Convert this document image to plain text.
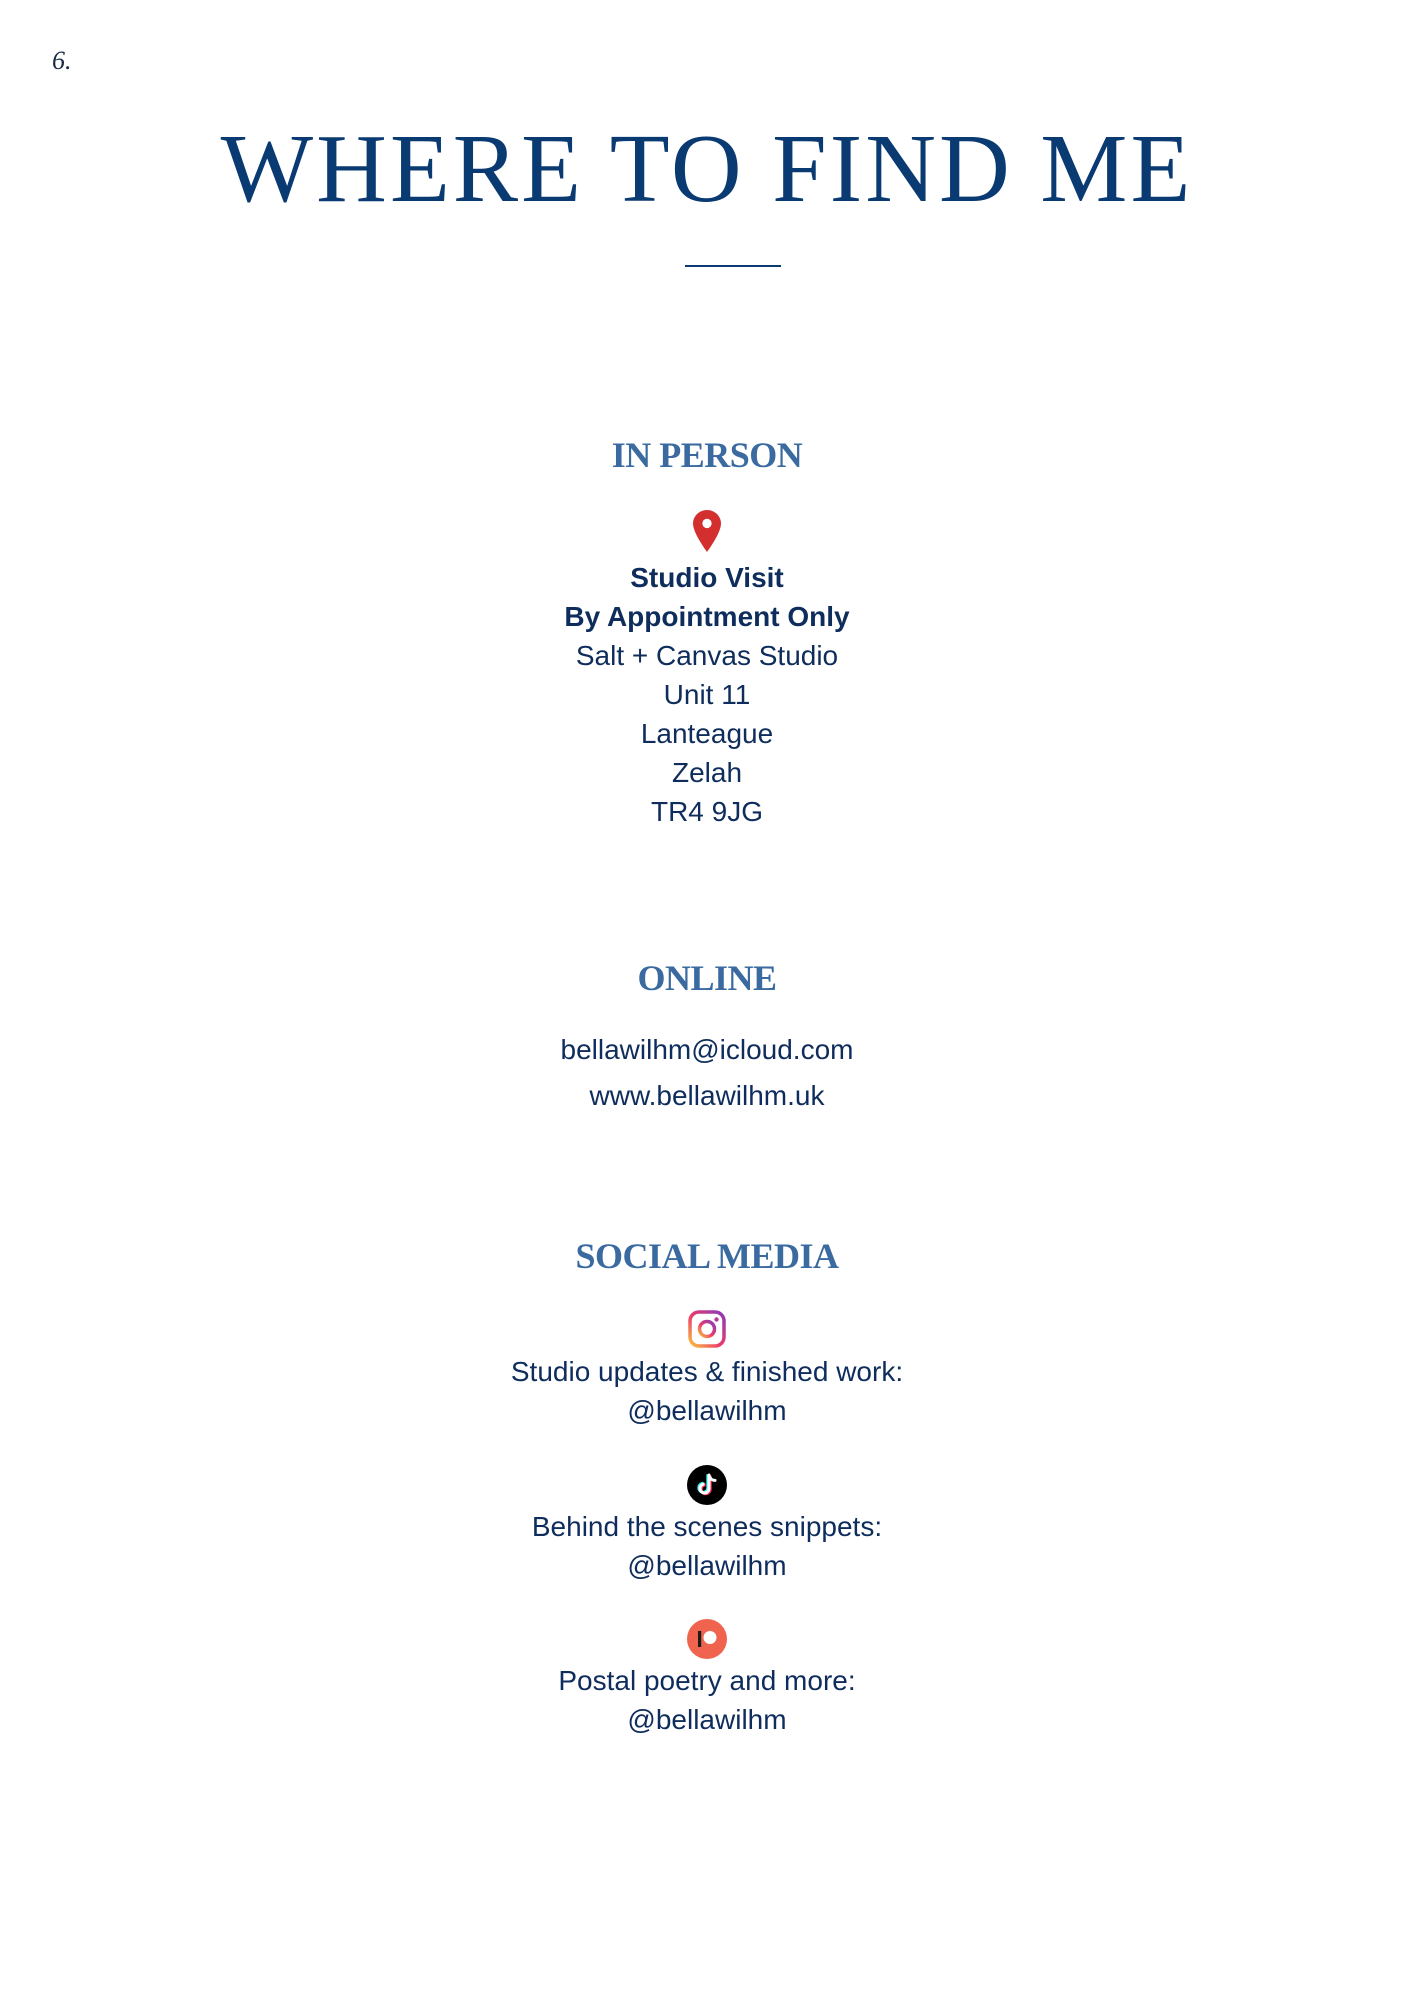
6.
WHERE TO FIND ME
IN PERSON
Studio Visit
By Appointment Only
Salt + Canvas Studio
Unit 11
Lanteague
Zelah
TR4 9JG
ONLINE
bellawilhm@icloud.com
www.bellawilhm.uk
SOCIAL MEDIA
Studio updates & finished work:
@bellawilhm
Behind the scenes snippets:
@bellawilhm
Postal poetry and more:
@bellawilhm
